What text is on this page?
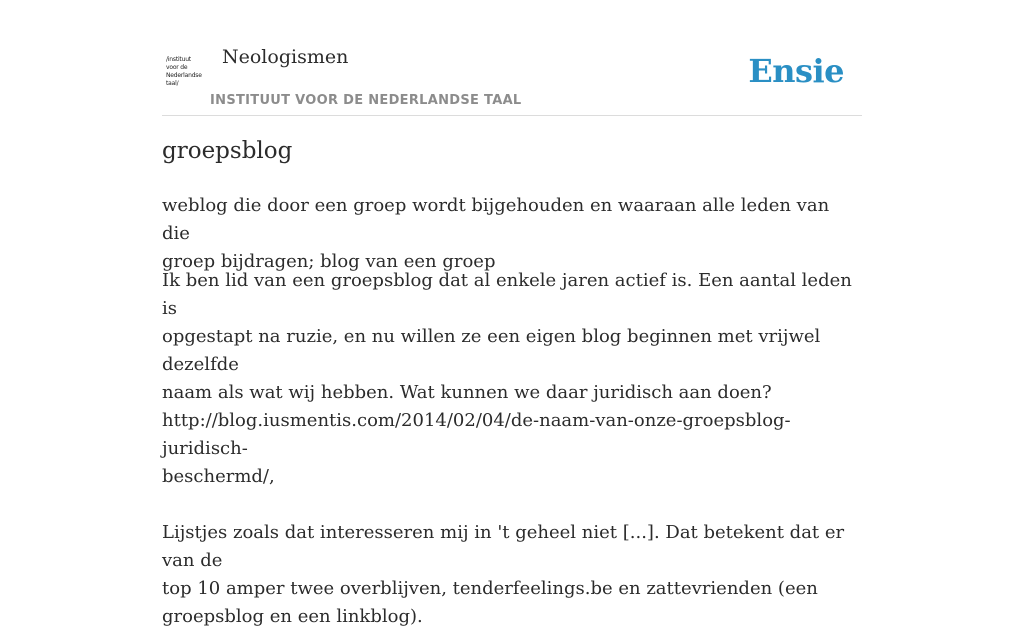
/instituut
voor de
Nederlandse
taal/
Neologismen
INSTITUUT VOOR DE NEDERLANDSE TAAL
Ensie
groepsblog
weblog die door een groep wordt bijgehouden en waaraan alle leden van die
groep bijdragen; blog van een groep
Ik ben lid van een groepsblog dat al enkele jaren actief is. Een aantal leden is
opgestapt na ruzie, en nu willen ze een eigen blog beginnen met vrijwel dezelfde
naam als wat wij hebben. Wat kunnen we daar juridisch aan doen?
http://blog.iusmentis.com/2014/02/04/de-naam-van-onze-groepsblog-juridisch-
beschermd/,
Lijstjes zoals dat interesseren mij in 't geheel niet [...]. Dat betekent dat er van de
top 10 amper twee overblijven, tenderfeelings.be en zattevrienden (een
groepsblog en een linkblog).
